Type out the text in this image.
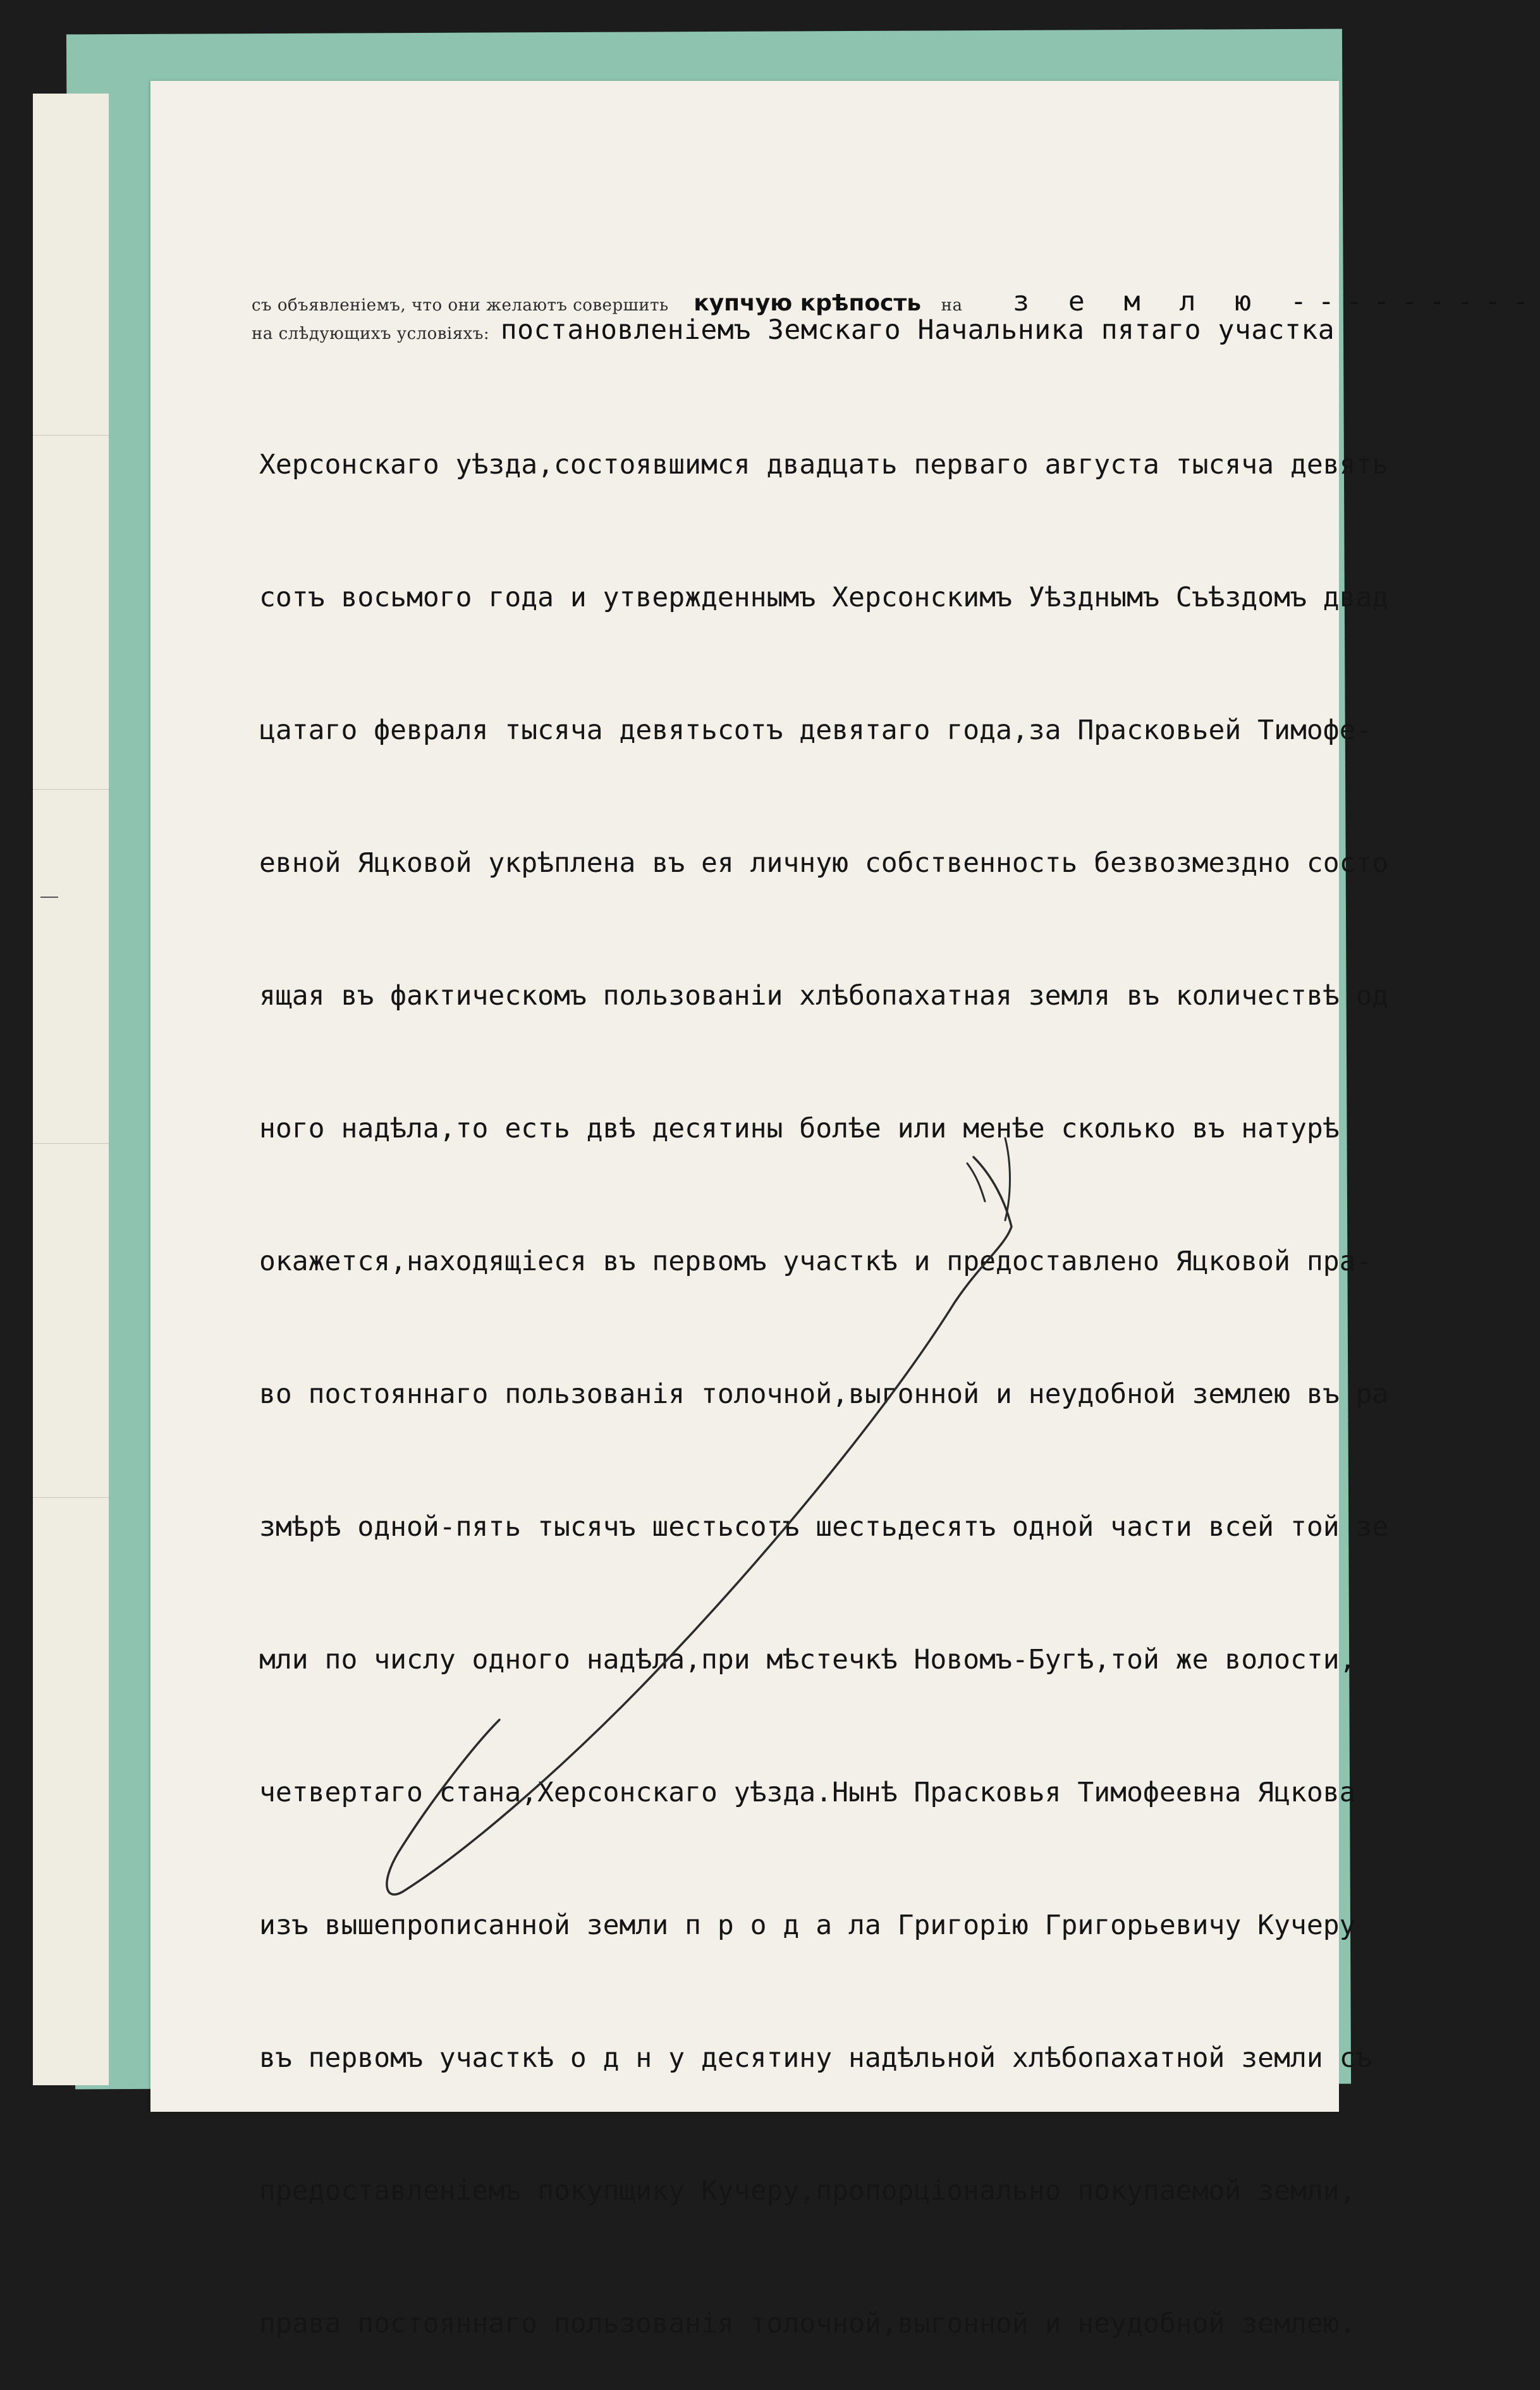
съ объявленіемъ, что они желаютъ совершить купчую крѣпость на з е м л ю ---------
на слѣдующихъ условіяхъ: постановленіемъ Земскаго Начальника пятаго участка

Херсонскаго уѣзда,состоявшимся двадцать перваго августа тысяча девять

сотъ восьмого года и утвержденнымъ Херсонскимъ Уѣзднымъ Съѣздомъ двад

цатаго февраля тысяча девятьсотъ девятаго года,за Прасковьей Тимофе-

евной Яцковой укрѣплена въ ея личную собственность безвозмездно состо

ящая въ фактическомъ пользованіи хлѣбопахатная земля въ количествѣ од

ного надѣла,то есть двѣ десятины болѣе или менѣе сколько въ натурѣ

окажется,находящіеся въ первомъ участкѣ и предоставлено Яцковой пра-

во постояннаго пользованія толочной,выгонной и неудобной землею въ ра

змѣрѣ одной-пять тысячъ шестьсотъ шестьдесятъ одной части всей той зе

мли по числу одного надѣла,при мѣстечкѣ Новомъ-Бугѣ,той же волости,

четвертаго стана,Херсонскаго уѣзда.Нынѣ Прасковья Тимофеевна Яцкова

изъ вышепрописанной земли п р о д а ла Григорію Григорьевичу Кучеру

въ первомъ участкѣ о д н у десятину надѣльной хлѣбопахатной земли съ

предоставленіемъ покупщику Кучеру,пропорціонально покупаемой земли,

права постояннаго пользованія толочной,выгонной и неудобной землею.
